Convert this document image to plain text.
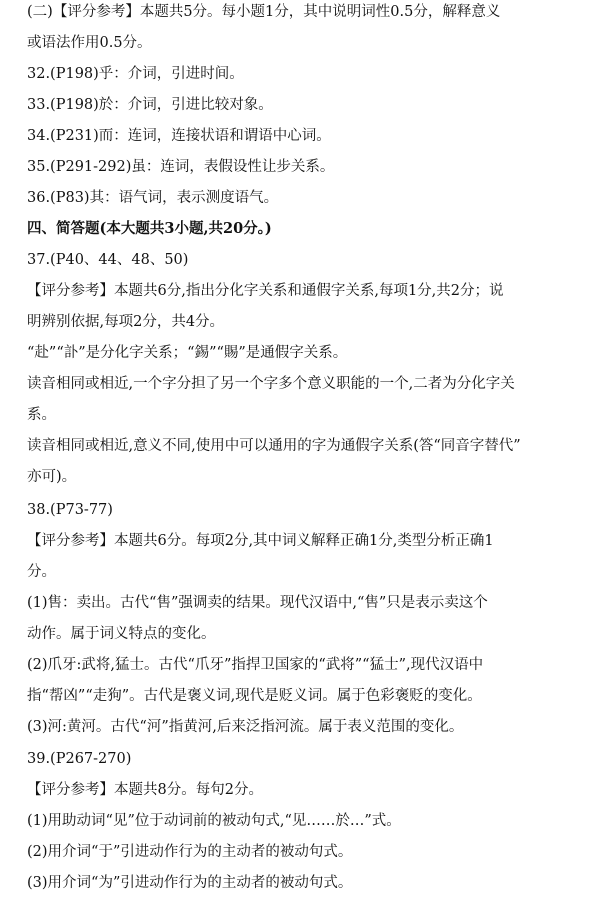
(二)【评分参考】本题共5分。每小题1分，其中说明词性0.5分，解释意义
或语法作用0.5分。
32.(P198)乎：介词，引进时间。
33.(P198)於：介词，引进比较对象。
34.(P231)而：连词，连接状语和谓语中心词。
35.(P291-292)虽：连词，表假设性让步关系。
36.(P83)其：语气词，表示测度语气。
四、简答题(本大题共3小题,共20分。)
37.(P40、44、48、50)
【评分参考】本题共6分,指出分化字关系和通假字关系,每项1分,共2分；说
明辨别依据,每项2分，共4分。
“赴”“訃”是分化字关系；“錫”“賜”是通假字关系。
读音相同或相近,一个字分担了另一个字多个意义职能的一个,二者为分化字关
系。
读音相同或相近,意义不同,使用中可以通用的字为通假字关系(答“同音字替代”
亦可)。
38.(P73-77)
【评分参考】本题共6分。每项2分,其中词义解释正确1分,类型分析正确1
分。
(1)售：卖出。古代“售”强调卖的结果。现代汉语中,“售”只是表示卖这个
动作。属于词义特点的变化。
(2)爪牙:武将,猛士。古代“爪牙”指捍卫国家的“武将”“猛士”,现代汉语中
指“帮凶”“走狗”。古代是褒义词,现代是贬义词。属于色彩褒贬的变化。
(3)河:黄河。古代“河”指黄河,后来泛指河流。属于表义范围的变化。
39.(P267-270)
【评分参考】本题共8分。每句2分。
(1)用助动词“见”位于动词前的被动句式,“见……於…”式。
(2)用介词“于”引进动作行为的主动者的被动句式。
(3)用介词“为”引进动作行为的主动者的被动句式。
